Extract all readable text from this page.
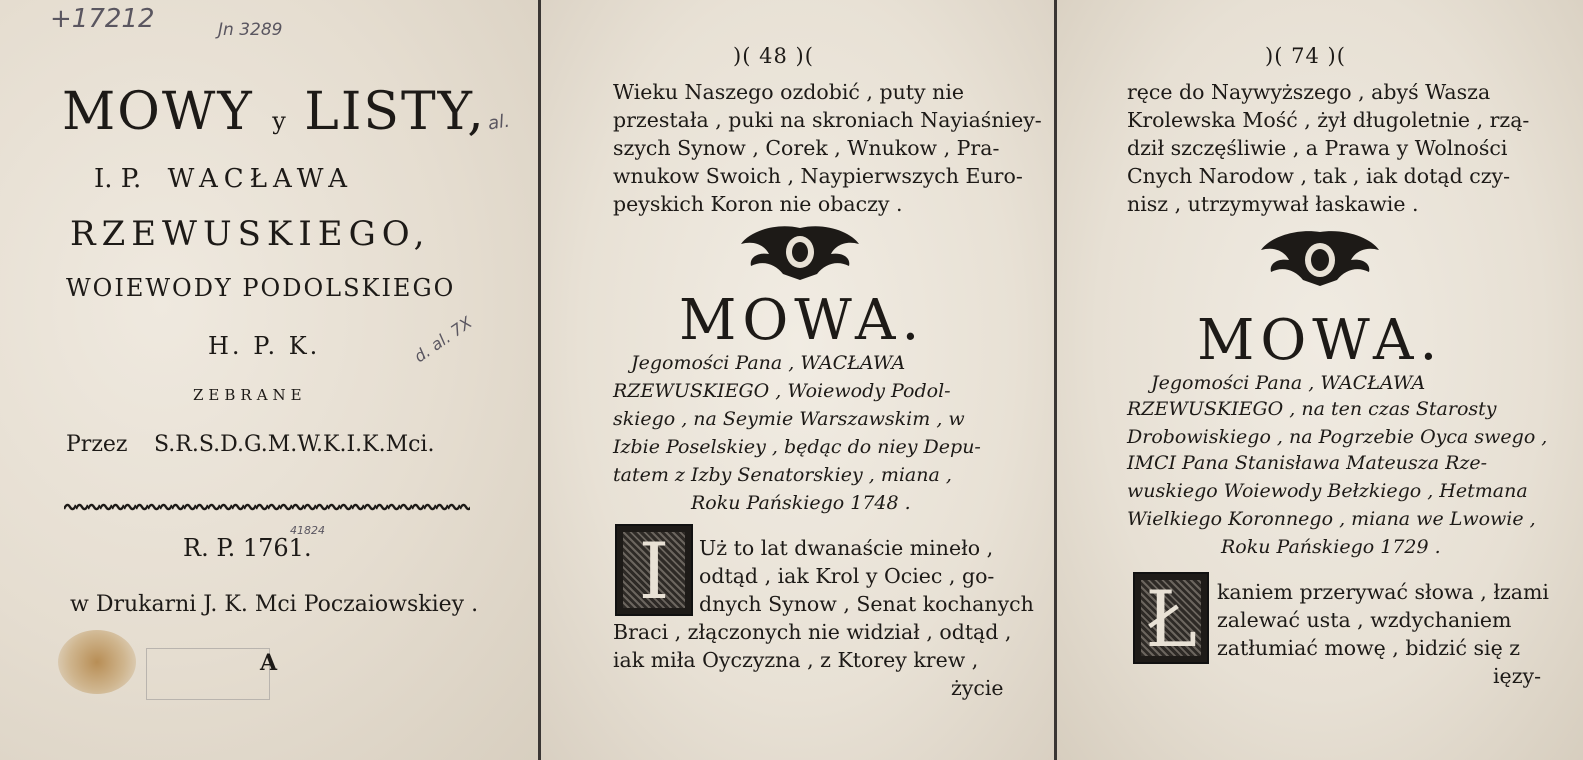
+17212	Jn 3289
al.
d. al. 7X
MOWY y LISTY,
I. P. WACŁAWA
RZEWUSKIEGO,
WOIEWODY PODOLSKIEGO
H. P. K.
ZEBRANE
Przez S.R.S.D.G.M.W.K.I.K.Mci.
41824
R. P. 1761.
w Drukarni J. K. Mci Poczaiowskiey .
A
)( 48 )(
Wieku Naszego ozdobić , puty nie
przestała , puki na skroniach Nayiaśniey-
szych Synow , Corek , Wnukow , Pra-
wnukow Swoich , Naypierwszych Euro-
peyskich Koron nie obaczy .
MOWA.
Jegomości Pana , WACŁAWA
RZEWUSKIEGO , Woiewody Podol-
skiego , na Seymie Warszawskim , w
Izbie Poselskiey , będąc do niey Depu-
tatem z Izby Senatorskiey , miana ,
Roku Pańskiego 1748 .
I	Uż to lat dwanaście mineło ,
odtąd , iak Krol y Ociec , go-
dnych Synow , Senat kochanych
Braci , złączonych nie widział , odtąd ,
iak miła Oyczyzna , z Ktorey krew ,
życie
)( 74 )(
ręce do Naywyższego , abyś Wasza
Krolewska Mość , żył długoletnie , rzą-
dził szczęśliwie , a Prawa y Wolności
Cnych Narodow , tak , iak dotąd czy-
nisz , utrzymywał łaskawie .
MOWA.
Jegomości Pana , WACŁAWA
RZEWUSKIEGO , na ten czas Starosty
Drobowiskiego , na Pogrzebie Oyca swego ,
IMCI Pana Stanisława Mateusza Rze-
wuskiego Woiewody Bełzkiego , Hetmana
Wielkiego Koronnego , miana we Lwowie ,
Roku Pańskiego 1729 .
Ł kaniem przerywać słowa , łzami
zalewać usta , wzdychaniem
zatłumiać mowę , bidzić się z
ięzy-
